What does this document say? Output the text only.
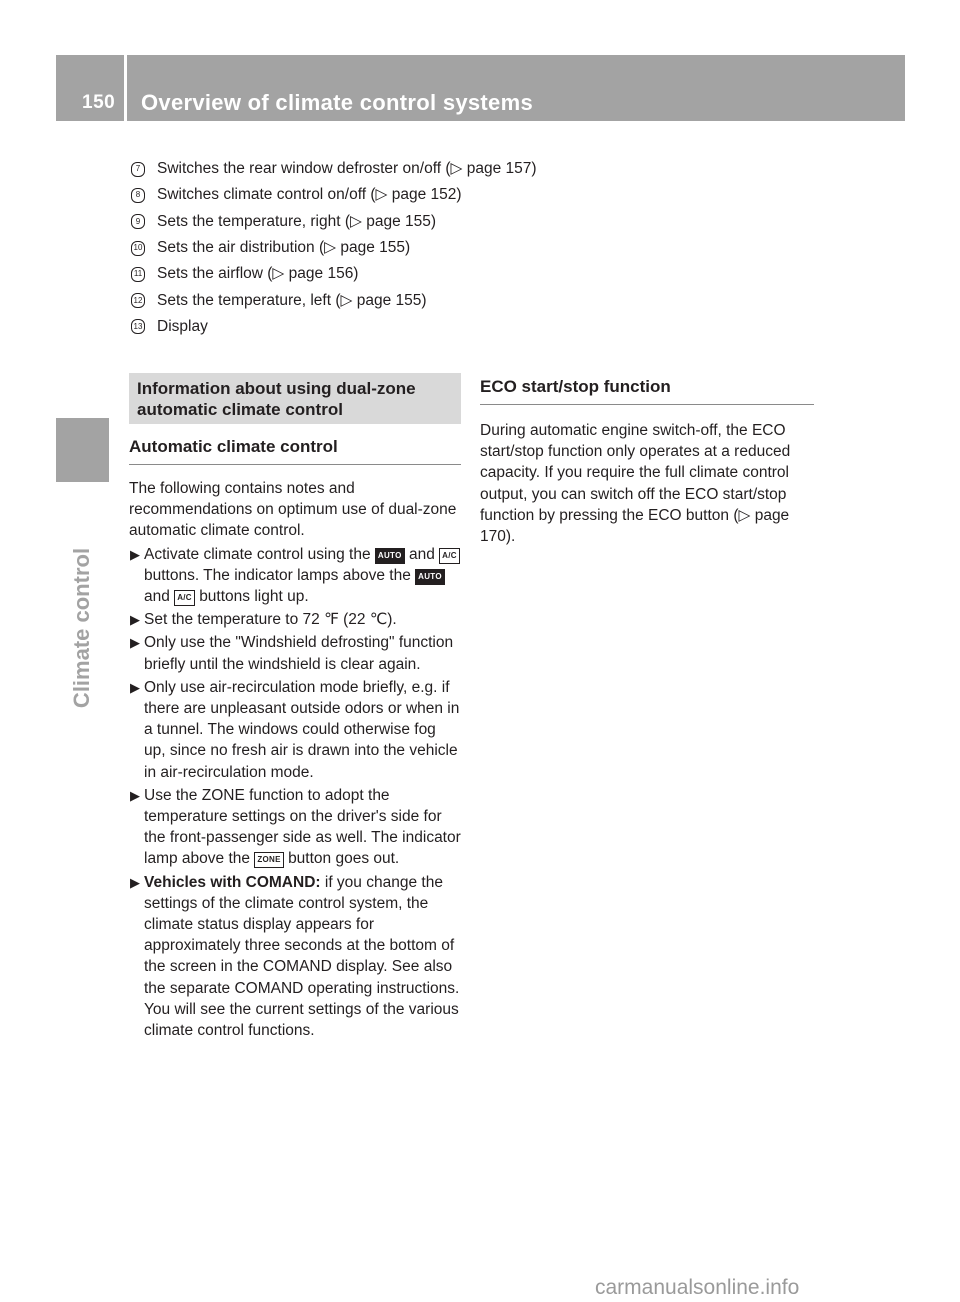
150 Overview of climate control systems
Climate control
7	Switches the rear window defroster on/off (▷ page 157)
8	Switches climate control on/off (▷ page 152)
9	Sets the temperature, right (▷ page 155)
10 Sets the air distribution (▷ page 155)
11 Sets the airflow (▷ page 156)
12 Sets the temperature, left (▷ page 155)
13 Display
Information about using dual-zone automatic climate control
Automatic climate control

The following contains notes and recommendations on optimum use of dual-zone automatic climate control.

▶ Activate climate control using the AUTO and A/C buttons. The indicator lamps above the AUTO and A/C buttons light up.
▶ Set the temperature to 72 ℉ (22 ℃).
▶ Only use the "Windshield defrosting" function briefly until the windshield is clear again.
▶ Only use air-recirculation mode briefly, e.g. if there are unpleasant outside odors or when in a tunnel. The windows could otherwise fog up, since no fresh air is drawn into the vehicle in air-recirculation mode.
▶ Use the ZONE function to adopt the temperature settings on the driver's side for the front-passenger side as well. The indicator lamp above the ZONE button goes out.
▶ Vehicles with COMAND: if you change the settings of the climate control system, the climate status display appears for approximately three seconds at the bottom of the screen in the COMAND display. See also the separate COMAND operating instructions. You will see the current settings of the various climate control functions.
ECO start/stop function

During automatic engine switch-off, the ECO start/stop function only operates at a reduced capacity. If you require the full climate control output, you can switch off the ECO start/stop function by pressing the ECO button (▷ page 170).

carmanualsonline.info
